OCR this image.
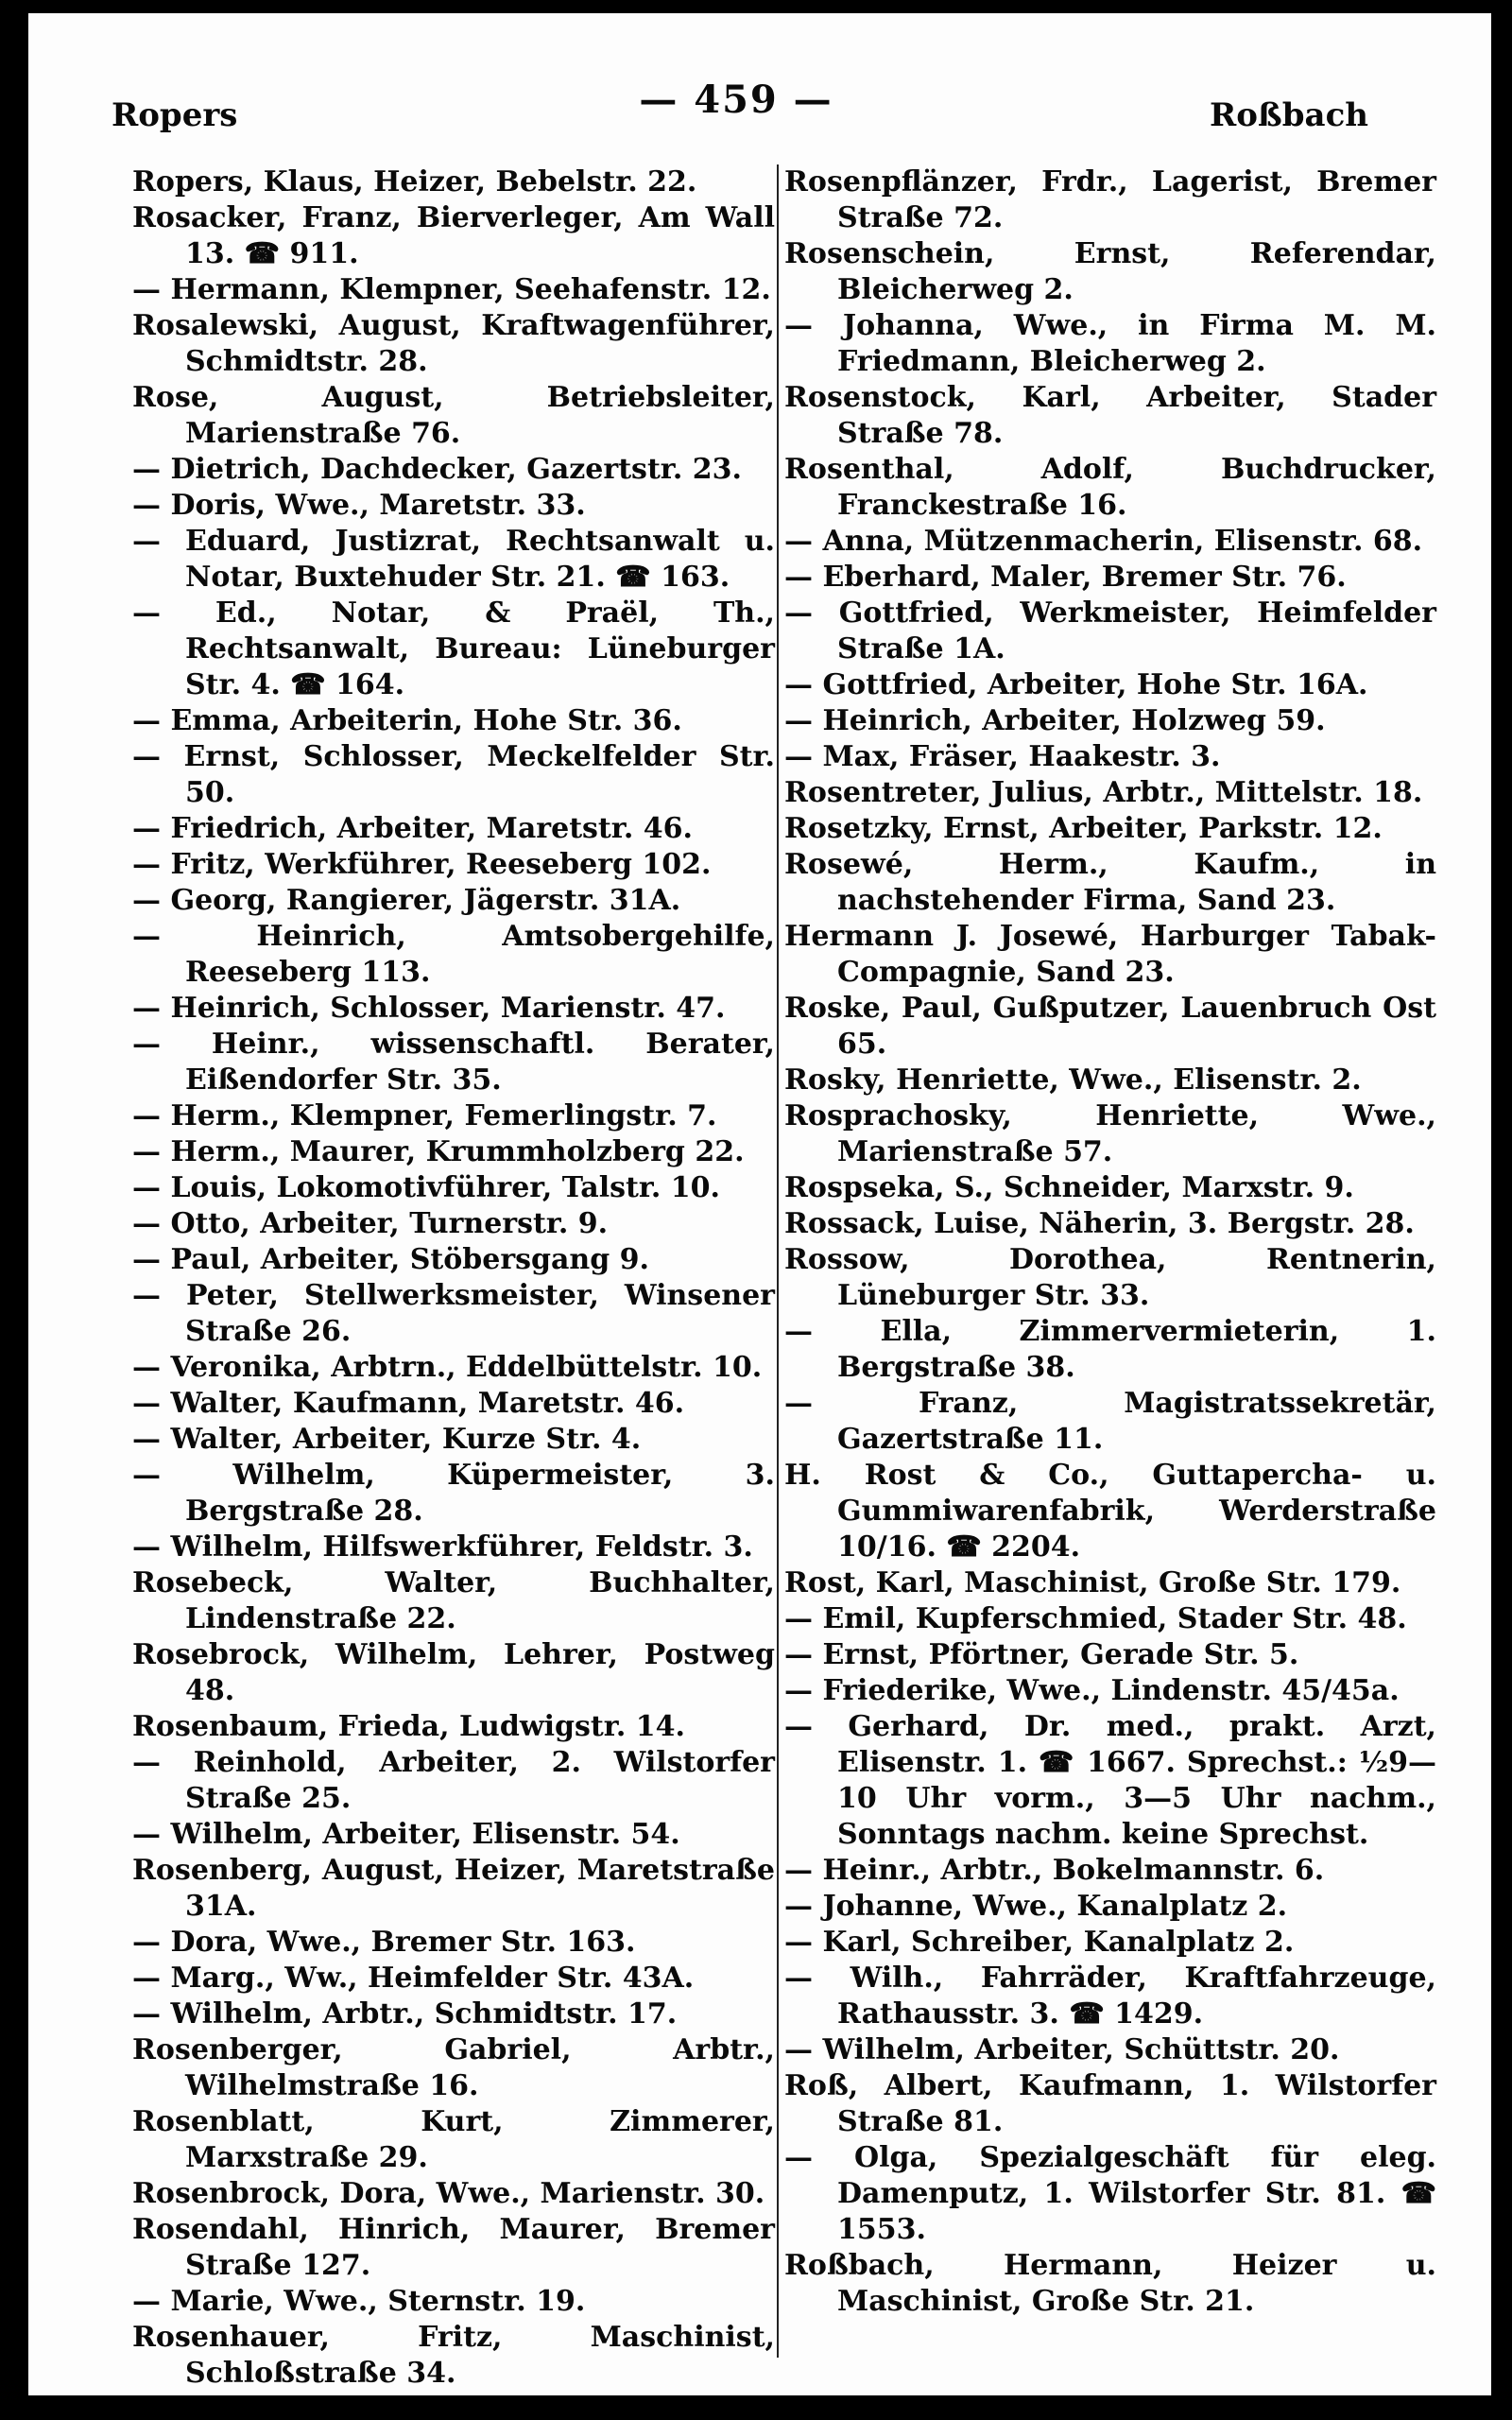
Ropers	— 459 —	Roßbach

Ropers, Klaus, Heizer, Bebelstr. 22.

Rosacker, Franz, Bierverleger, Am Wall 13. ☎ 911.

— Hermann, Klempner, Seehafenstr. 12.

Rosalewski, August, Kraftwagenführer, Schmidtstr. 28.

Rose, August, Betriebsleiter, Marienstraße 76.

— Dietrich, Dachdecker, Gazertstr. 23.

— Doris, Wwe., Maretstr. 33.

— Eduard, Justizrat, Rechtsanwalt u. Notar, Buxtehuder Str. 21. ☎ 163.

— Ed., Notar, & Praël, Th., Rechtsanwalt, Bureau: Lüneburger Str. 4. ☎ 164.

— Emma, Arbeiterin, Hohe Str. 36.

— Ernst, Schlosser, Meckelfelder Str. 50.

— Friedrich, Arbeiter, Maretstr. 46.

— Fritz, Werkführer, Reeseberg 102.

— Georg, Rangierer, Jägerstr. 31A.

— Heinrich, Amtsobergehilfe, Reeseberg 113.

— Heinrich, Schlosser, Marienstr. 47.

— Heinr., wissenschaftl. Berater, Eißendorfer Str. 35.

— Herm., Klempner, Femerlingstr. 7.

— Herm., Maurer, Krummholzberg 22.

— Louis, Lokomotivführer, Talstr. 10.

— Otto, Arbeiter, Turnerstr. 9.

— Paul, Arbeiter, Stöbersgang 9.

— Peter, Stellwerksmeister, Winsener Straße 26.

— Veronika, Arbtrn., Eddelbüttelstr. 10.

— Walter, Kaufmann, Maretstr. 46.

— Walter, Arbeiter, Kurze Str. 4.

— Wilhelm, Küpermeister, 3. Bergstraße 28.

— Wilhelm, Hilfswerkführer, Feldstr. 3.

Rosebeck, Walter, Buchhalter, Lindenstraße 22.

Rosebrock, Wilhelm, Lehrer, Postweg 48.

Rosenbaum, Frieda, Ludwigstr. 14.

— Reinhold, Arbeiter, 2. Wilstorfer Straße 25.

— Wilhelm, Arbeiter, Elisenstr. 54.

Rosenberg, August, Heizer, Maretstraße 31A.

— Dora, Wwe., Bremer Str. 163.

— Marg., Ww., Heimfelder Str. 43A.

— Wilhelm, Arbtr., Schmidtstr. 17.

Rosenberger, Gabriel, Arbtr., Wilhelmstraße 16.

Rosenblatt, Kurt, Zimmerer, Marxstraße 29.

Rosenbrock, Dora, Wwe., Marienstr. 30.

Rosendahl, Hinrich, Maurer, Bremer Straße 127.

— Marie, Wwe., Sternstr. 19.

Rosenhauer, Fritz, Maschinist, Schloßstraße 34.

Rosenpflänzer, Frdr., Lagerist, Bremer Straße 72.

Rosenschein, Ernst, Referendar, Bleicherweg 2.

— Johanna, Wwe., in Firma M. M. Friedmann, Bleicherweg 2.

Rosenstock, Karl, Arbeiter, Stader Straße 78.

Rosenthal, Adolf, Buchdrucker, Franckestraße 16.

— Anna, Mützenmacherin, Elisenstr. 68.

— Eberhard, Maler, Bremer Str. 76.

— Gottfried, Werkmeister, Heimfelder Straße 1A.

— Gottfried, Arbeiter, Hohe Str. 16A.

— Heinrich, Arbeiter, Holzweg 59.

— Max, Fräser, Haakestr. 3.

Rosentreter, Julius, Arbtr., Mittelstr. 18.

Rosetzky, Ernst, Arbeiter, Parkstr. 12.

Rosewé, Herm., Kaufm., in nachstehender Firma, Sand 23.

Hermann J. Josewé, Harburger Tabak-Compagnie, Sand 23.

Roske, Paul, Gußputzer, Lauenbruch Ost 65.

Rosky, Henriette, Wwe., Elisenstr. 2.

Rosprachosky, Henriette, Wwe., Marienstraße 57.

Rospseka, S., Schneider, Marxstr. 9.

Rossack, Luise, Näherin, 3. Bergstr. 28.

Rossow, Dorothea, Rentnerin, Lüneburger Str. 33.

— Ella, Zimmervermieterin, 1. Bergstraße 38.

— Franz, Magistratssekretär, Gazertstraße 11.

H. Rost & Co., Guttapercha- u. Gummiwarenfabrik, Werderstraße 10/16. ☎ 2204.

Rost, Karl, Maschinist, Große Str. 179.

— Emil, Kupferschmied, Stader Str. 48.

— Ernst, Pförtner, Gerade Str. 5.

— Friederike, Wwe., Lindenstr. 45/45a.

— Gerhard, Dr. med., prakt. Arzt, Elisenstr. 1. ☎ 1667. Sprechst.: ½9—10 Uhr vorm., 3—5 Uhr nachm., Sonntags nachm. keine Sprechst.

— Heinr., Arbtr., Bokelmannstr. 6.

— Johanne, Wwe., Kanalplatz 2.

— Karl, Schreiber, Kanalplatz 2.

— Wilh., Fahrräder, Kraftfahrzeuge, Rathausstr. 3. ☎ 1429.

— Wilhelm, Arbeiter, Schüttstr. 20.

Roß, Albert, Kaufmann, 1. Wilstorfer Straße 81.

— Olga, Spezialgeschäft für eleg. Damenputz, 1. Wilstorfer Str. 81. ☎ 1553.

Roßbach, Hermann, Heizer u. Maschinist, Große Str. 21.
